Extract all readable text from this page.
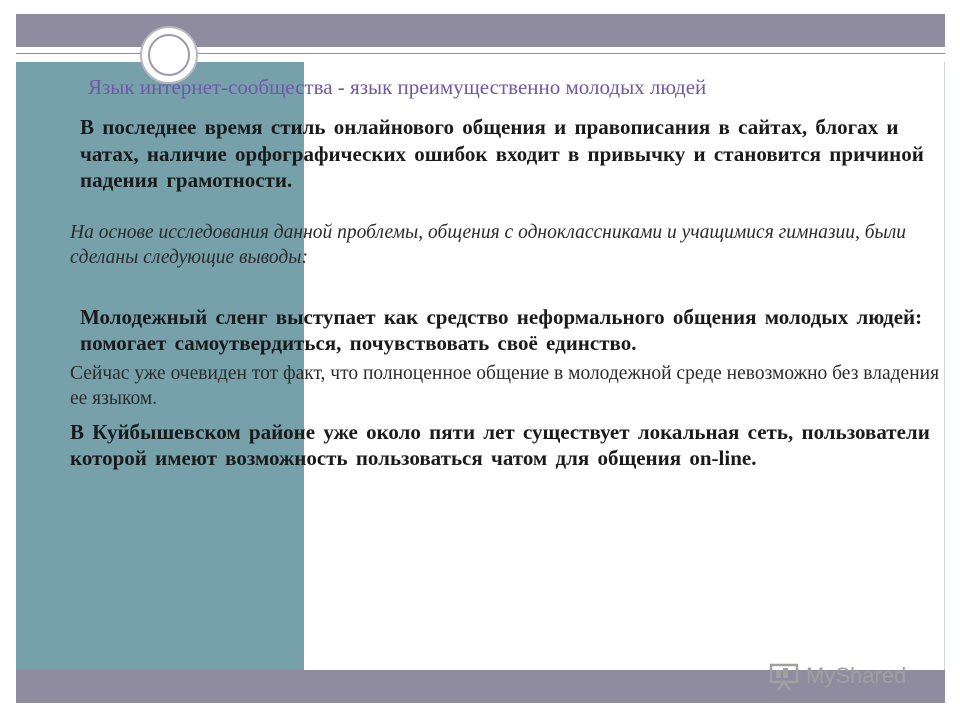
Язык интернет-сообщества - язык преимущественно молодых людей

В последнее время стиль онлайнового общения и правописания в сайтах, блогах и чатах, наличие орфографических ошибок входит в привычку и становится причиной падения грамотности.

На основе исследования данной проблемы, общения с одноклассниками и учащимися гимназии, были сделаны следующие выводы:

Молодежный сленг выступает как средство неформального общения молодых людей: помогает самоутвердиться, почувствовать своё единство.

Сейчас уже очевиден тот факт, что полноценное общение в молодежной среде невозможно без владения ее языком.

В Куйбышевском районе уже около пяти лет существует локальная сеть, пользователи которой имеют возможность пользоваться чатом для общения on-line.

MyShared
